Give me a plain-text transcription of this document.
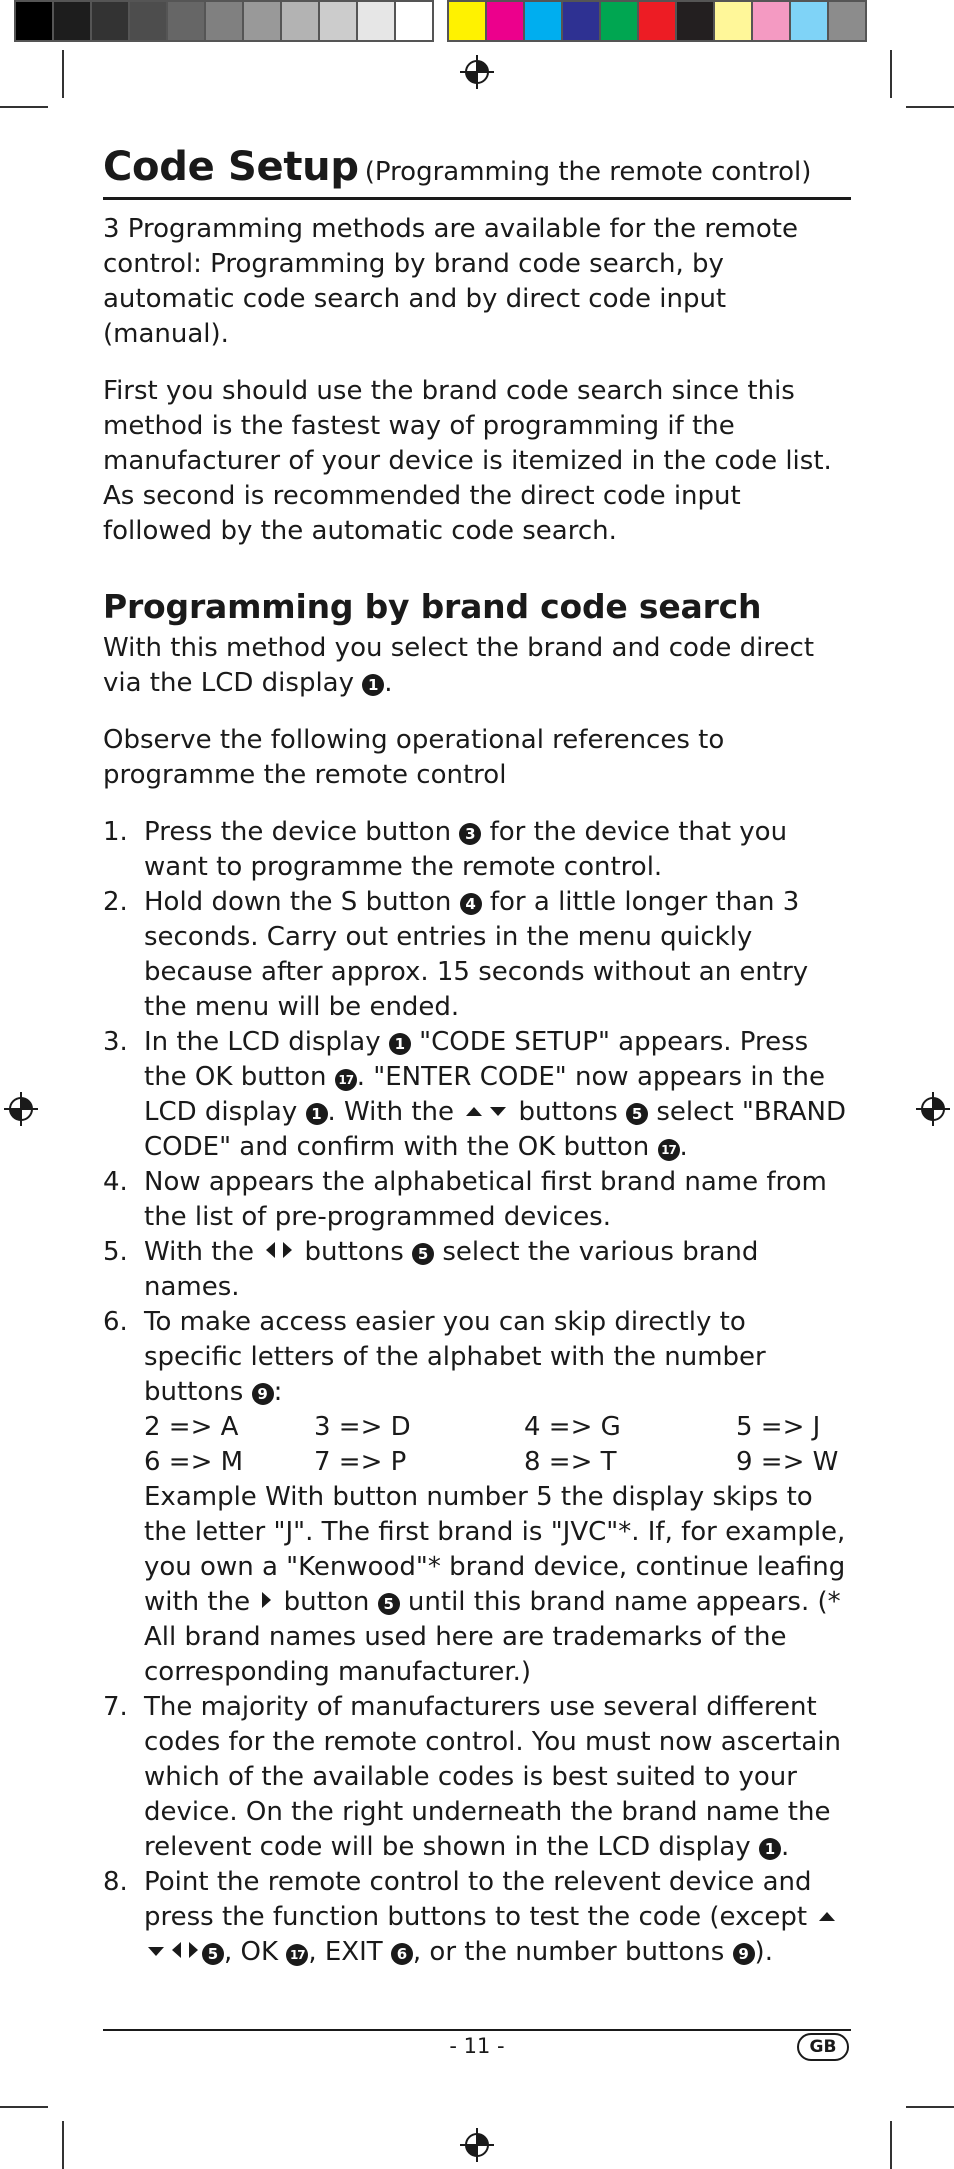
Code Setup (Programming the remote control)

3 Programming methods are available for the remote control: Programming by brand code search, by automatic code search and by direct code input (manual).

First you should use the brand code search since this method is the fastest way of programming if the manufacturer of your device is itemized in the code list. As second is recommended the direct code input followed by the automatic code search.

Programming by brand code search

With this method you select the brand and code direct via the LCD display 1 .

Observe the following operational references to programme the remote control

1. Press the device button 3 for the device that you want to programme the remote control.
2. Hold down the S button 4 for a little longer than 3 seconds. Carry out entries in the menu quickly because after approx. 15 seconds without an entry the menu will be ended.
3. In the LCD display 1 "CODE SETUP" appears. Press the OK button 17 . "ENTER CODE" now appears in the LCD display 1 . With the  buttons 5 select "BRAND CODE" and confirm with the OK button 17 .
4. Now appears the alphabetical first brand name from the list of pre-programmed devices.
5. With the  buttons 5 select the various brand names.
6. To make access easier you can skip directly to specific letters of the alphabet with the number buttons 9 :
2 => A	3 => D	4 => G	5 => J
6 => M	7 => P	8 => T	9 => W
Example With button number 5 the display skips to the letter "J". The first brand is "JVC"*. If, for example, you own a "Kenwood"* brand device, continue leafing with the  button 5 until this brand name appears. (* All brand names used here are trademarks of the corresponding manufacturer.)
7. The majority of manufacturers use several different codes for the remote control. You must now ascertain which of the available codes is best suited to your device. On the right underneath the brand name the relevent code will be shown in the LCD display 1 .
8. Point the remote control to the relevent device and press the function buttons to test the code (except 5 , OK 17 , EXIT 6 , or the number buttons 9 ).
- 11 -	GB
